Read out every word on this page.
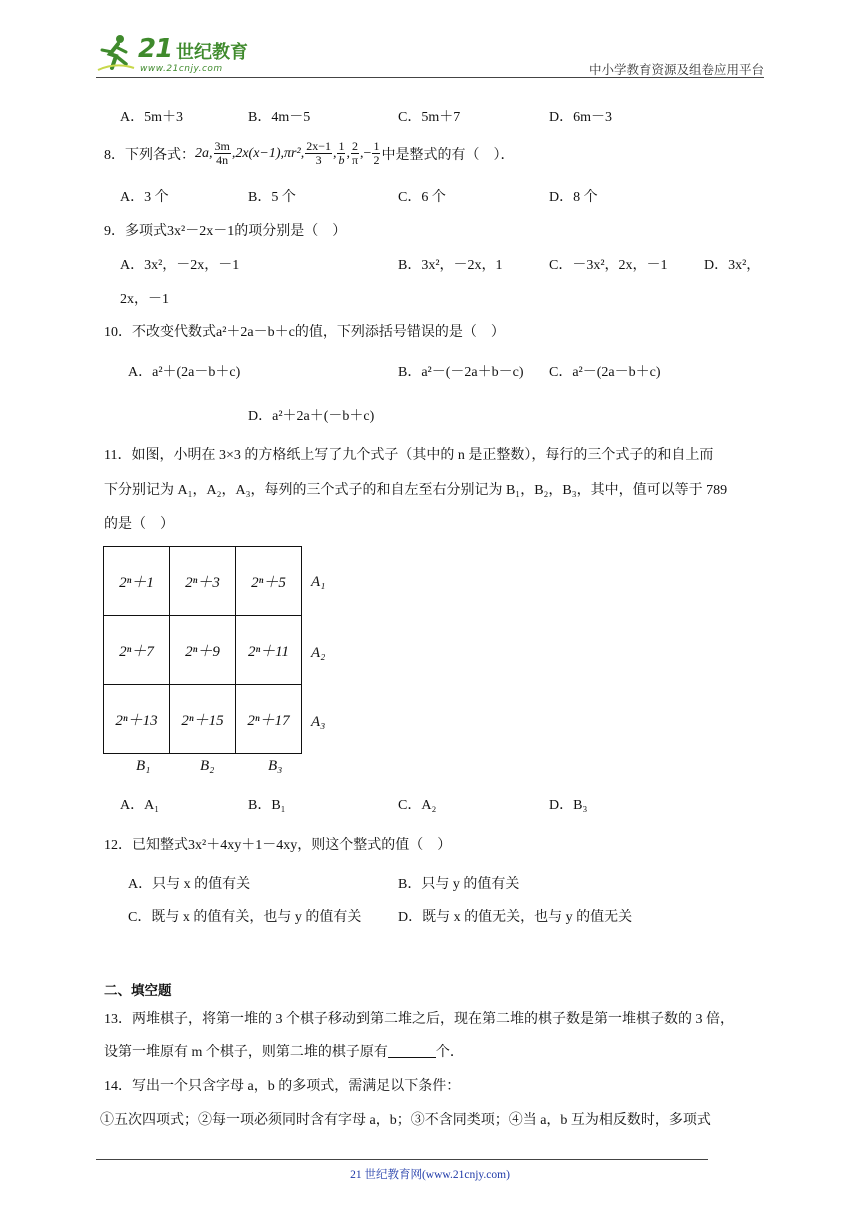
21 世纪教育
www.21cnjy.com	中小学教育资源及组卷应用平台
A．5m＋3	B．4m－5	C．5m＋7	D．6m－3
8．下列各式： 2a, $\frac{3m}{4n} ,2x(x-1),\pi r^2$, $\frac{2x-1}{3}$ , $\frac{1}{b}$ , $\frac{2}{\pi}$ ,− $\frac{1}{2}$ 中是整式的有（　）．
A．3 个	B．5 个	C．6 个	D．8 个
9．多项式3x²－2x－1的项分别是（　）
A．3x²，－2x，－1	B．3x²，－2x，1	C．－3x²，2x，－1	D．3x²，
2x，－1
10．不改变代数式a²＋2a－b＋c的值，下列添括号错误的是（　）
A．a²＋(2a－b＋c)	B．a²－(－2a＋b－c) C．a²－(2a－b＋c)
D．a²＋2a＋(－b＋c)
11．如图，小明在 3×3 的方格纸上写了九个式子（其中的 n 是正整数），每行的三个式子的和自上而
下分别记为 A₁，A₂，A₃，每列的三个式子的和自左至右分别记为 B₁，B₂，B₃，其中，值可以等于 789
的是（　）
2ⁿ＋1	2ⁿ＋3	2ⁿ＋5
2ⁿ＋7	2ⁿ＋9	2ⁿ＋11
2ⁿ＋13	2ⁿ＋15	2ⁿ＋17
A₁
A₂
A₃
B₁	B₂	B₃
A．A₁	B．B₁	C．A₂	D．B₃
12．已知整式3x²＋4xy＋1－4xy，则这个整式的值（　）
A．只与 x 的值有关	B．只与 y 的值有关
C．既与 x 的值有关，也与 y 的值有关	D．既与 x 的值无关，也与 y 的值无关
二、填空题
13．两堆棋子，将第一堆的 3 个棋子移动到第二堆之后，现在第二堆的棋子数是第一堆棋子数的 3 倍，
设第一堆原有 m 个棋子，则第二堆的棋子原有	个．
14．写出一个只含字母 a，b 的多项式，需满足以下条件：
①五次四项式；②每一项必须同时含有字母 a，b；③不含同类项；④当 a，b 互为相反数时，多项式
21 世纪教育网(www.21cnjy.com)
